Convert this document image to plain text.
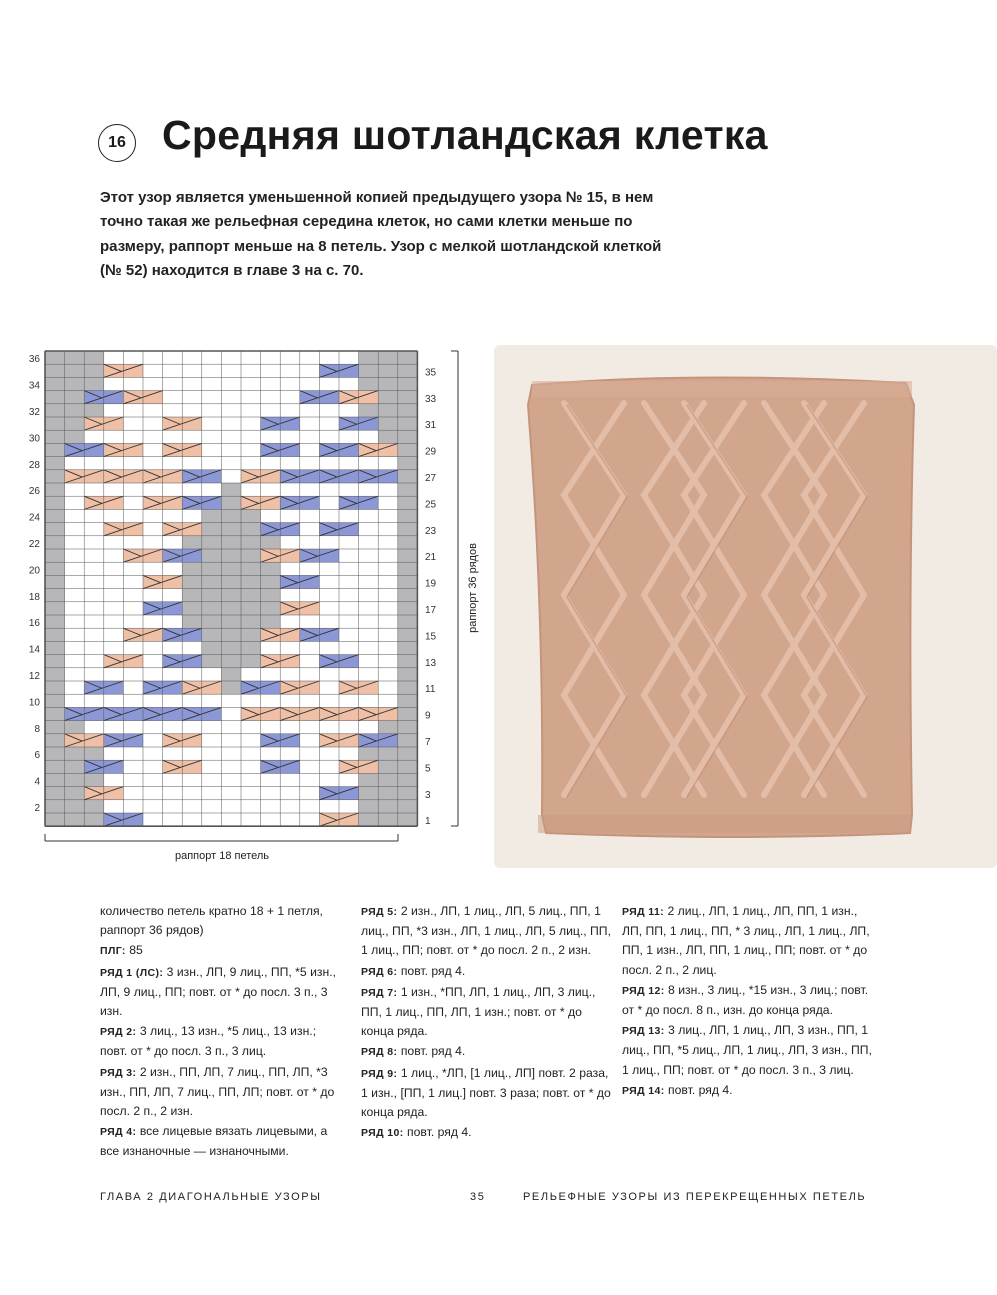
16 Средняя шотландская клетка

Этот узор является уменьшенной копией предыдущего узора № 15, в нем
точно такая же рельефная середина клеток, но сами клетки меньше по
размеру, раппорт меньше на 8 петель. Узор с мелкой шотландской клеткой
(№ 52) находится в главе 3 на с. 70.

36
34
32
30
28
26
24
22
20
18
16
14
12
10
8
6
4
2
35
33
31
29
27
25
23
21
19
17
15
13
11
9
7
5
3
1
раппорт 36 рядов
раппорт 18 петель

количество петель кратно 18 + 1 петля, раппорт 36 рядов)

ПЛГ: 85

РЯД 1 (ЛС): 3 изн., ЛП, 9 лиц., ПП, *5 изн., ЛП, 9 лиц., ПП; повт. от * до посл. 3 п., 3 изн.

РЯД 2: 3 лиц., 13 изн., *5 лиц., 13 изн.; повт. от * до посл. 3 п., 3 лиц.

РЯД 3: 2 изн., ПП, ЛП, 7 лиц., ПП, ЛП, *3 изн., ПП, ЛП, 7 лиц., ПП, ЛП; повт. от * до посл. 2 п., 2 изн.

РЯД 4: все лицевые вязать лицевыми, а все изнаночные — изнаночными.

РЯД 5: 2 изн., ЛП, 1 лиц., ЛП, 5 лиц., ПП, 1 лиц., ПП, *3 изн., ЛП, 1 лиц., ЛП, 5 лиц., ПП, 1 лиц., ПП; повт. от * до посл. 2 п., 2 изн.

РЯД 6: повт. ряд 4.

РЯД 7: 1 изн., *ПП, ЛП, 1 лиц., ЛП, 3 лиц., ПП, 1 лиц., ПП, ЛП, 1 изн.; повт. от * до конца ряда.

РЯД 8: повт. ряд 4.

РЯД 9: 1 лиц., *ЛП, [1 лиц., ЛП] повт. 2 раза, 1 изн., [ПП, 1 лиц.] повт. 3 раза; повт. от * до конца ряда.

РЯД 10: повт. ряд 4.

РЯД 11: 2 лиц., ЛП, 1 лиц., ЛП, ПП, 1 изн., ЛП, ПП, 1 лиц., ПП, * 3 лиц., ЛП, 1 лиц., ЛП, ПП, 1 изн., ЛП, ПП, 1 лиц., ПП; повт. от * до посл. 2 п., 2 лиц.

РЯД 12: 8 изн., 3 лиц., *15 изн., 3 лиц.; повт. от * до посл. 8 п., изн. до конца ряда.

РЯД 13: 3 лиц., ЛП, 1 лиц., ЛП, 3 изн., ПП, 1 лиц., ПП, *5 лиц., ЛП, 1 лиц., ЛП, 3 изн., ПП, 1 лиц., ПП; повт. от * до посл. 3 п., 3 лиц.

РЯД 14: повт. ряд 4.

ГЛАВА 2 ДИАГОНАЛЬНЫЕ УЗОРЫ	35	РЕЛЬЕФНЫЕ УЗОРЫ ИЗ ПЕРЕКРЕЩЕННЫХ ПЕТЕЛЬ
